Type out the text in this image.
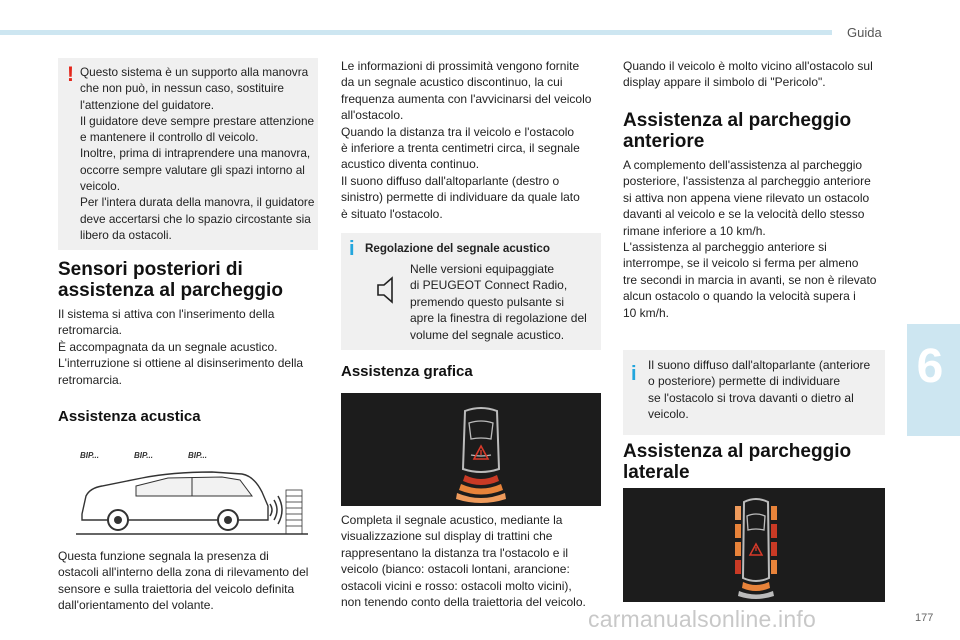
Guida
6
! Questo sistema è un supporto alla manovra

che non può, in nessun caso, sostituire

l'attenzione del guidatore.

Il guidatore deve sempre prestare attenzione

e mantenere il controllo dl veicolo.

Inoltre, prima di intraprendere una manovra,

occorre sempre valutare gli spazi intorno al

veicolo.

Per l'intera durata della manovra, il guidatore

deve accertarsi che lo spazio circostante sia

libero da ostacoli.

Sensori posteriori di

assistenza al parcheggio

Il sistema si attiva con l'inserimento della

retromarcia.

È accompagnata da un segnale acustico.

L'interruzione si ottiene al disinserimento della

retromarcia.

Assistenza acustica
BIP...	BIP...	BIP...

Questa funzione segnala la presenza di

ostacoli all'interno della zona di rilevamento del

sensore e sulla traiettoria del veicolo definita

dall'orientamento del volante.

Le informazioni di prossimità vengono fornite

da un segnale acustico discontinuo, la cui

frequenza aumenta con l'avvicinarsi del veicolo

all'ostacolo.

Quando la distanza tra il veicolo e l'ostacolo

è inferiore a trenta centimetri circa, il segnale

acustico diventa continuo.

Il suono diffuso dall'altoparlante (destro o

sinistro) permette di individuare da quale lato

è situato l'ostacolo.

i Regolazione del segnale acustico

Nelle versioni equipaggiate

di PEUGEOT Connect Radio,

premendo questo pulsante si

apre la finestra di regolazione del

volume del segnale acustico.

Assistenza grafica

Completa il segnale acustico, mediante la

visualizzazione sul display di trattini che

rappresentano la distanza tra l'ostacolo e il

veicolo (bianco: ostacoli lontani, arancione:

ostacoli vicini e rosso: ostacoli molto vicini),

non tenendo conto della traiettoria del veicolo.

Quando il veicolo è molto vicino all'ostacolo sul

display appare il simbolo di "Pericolo".

Assistenza al parcheggio

anteriore

A complemento dell'assistenza al parcheggio

posteriore, l'assistenza al parcheggio anteriore

si attiva non appena viene rilevato un ostacolo

davanti al veicolo e se la velocità dello stesso

rimane inferiore a 10 km/h.

L'assistenza al parcheggio anteriore si

interrompe, se il veicolo si ferma per almeno

tre secondi in marcia in avanti, se non è rilevato

alcun ostacolo o quando la velocità supera i

10 km/h.

i Il suono diffuso dall'altoparlante (anteriore

o posteriore) permette di individuare

se l'ostacolo si trova davanti o dietro al

veicolo.

Assistenza al parcheggio

laterale

carmanualsonline.info	177
